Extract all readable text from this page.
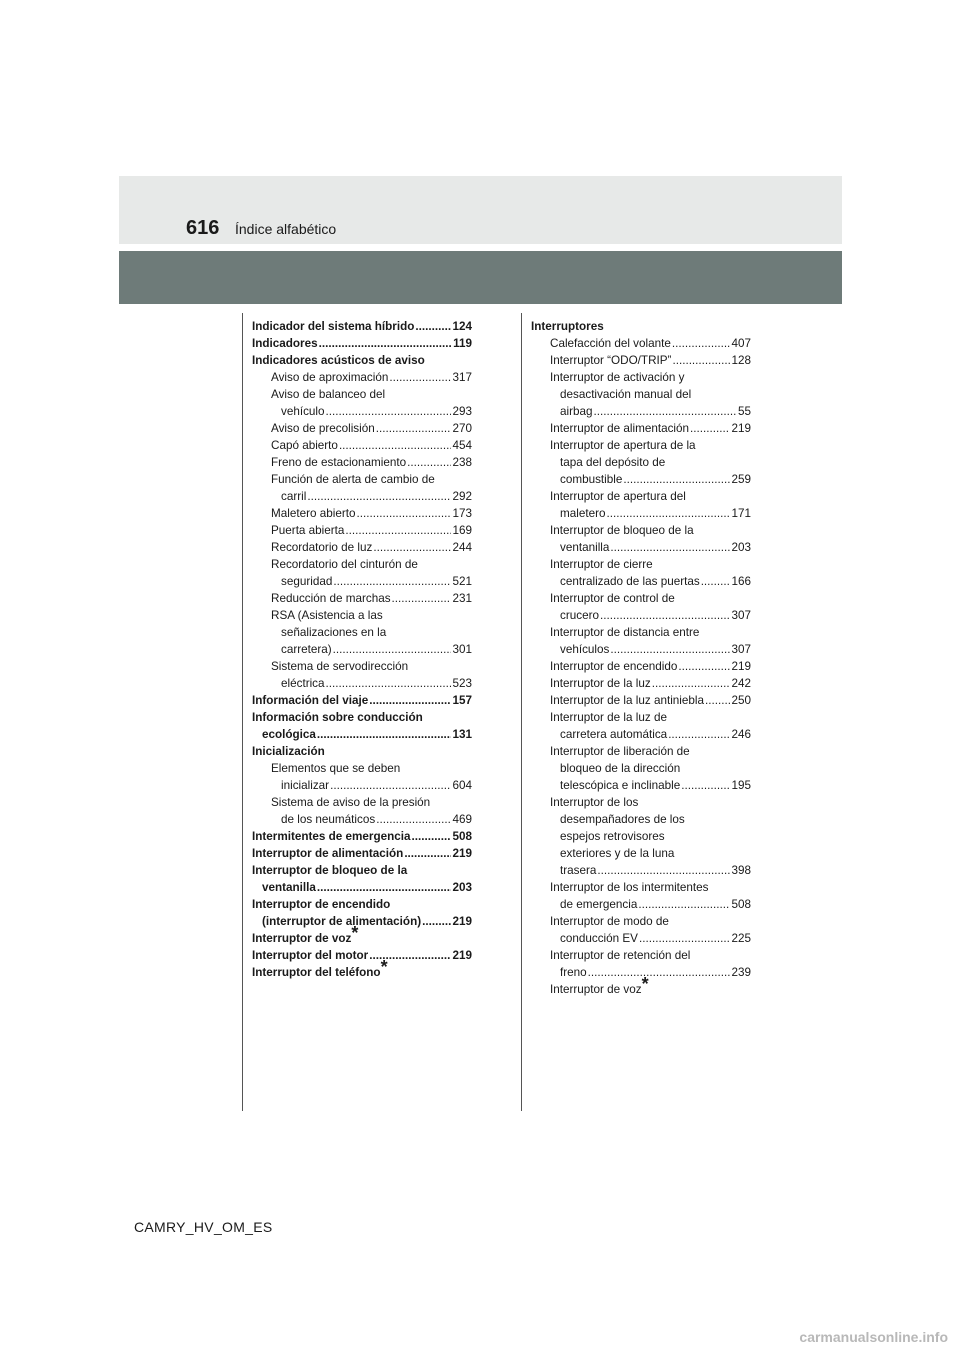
616 Índice alfabético
Indicador del sistema híbrido .....	124
Indicadores .....	119
Indicadores acústicos de aviso
Aviso de aproximación .....	317
Aviso de balanceo del
vehículo .....	293
Aviso de precolisión .....	270
Capó abierto .....	454
Freno de estacionamiento .....	238
Función de alerta de cambio de
carril .....	292
Maletero abierto .....	173
Puerta abierta .....	169
Recordatorio de luz .....	244
Recordatorio del cinturón de
seguridad .....	521
Reducción de marchas .....	231
RSA (Asistencia a las
señalizaciones en la
carretera) .....	301
Sistema de servodirección
eléctrica .....	523
Información del viaje .....	157
Información sobre conducción
ecológica .....	131
Inicialización
Elementos que se deben
inicializar .....	604
Sistema de aviso de la presión
de los neumáticos .....	469
Intermitentes de emergencia .....	508
Interruptor de alimentación .....	219
Interruptor de bloqueo de la
ventanilla .....	203
Interruptor de encendido
(interruptor de alimentación) .....	219
Interruptor de voz*
Interruptor del motor .....	219
Interruptor del teléfono*
Interruptores
Calefacción del volante .....	407
Interruptor “ODO/TRIP” .....	128
Interruptor de activación y
desactivación manual del
airbag .....	55
Interruptor de alimentación .....	219
Interruptor de apertura de la
tapa del depósito de
combustible .....	259
Interruptor de apertura del
maletero .....	171
Interruptor de bloqueo de la
ventanilla .....	203
Interruptor de cierre
centralizado de las puertas .....	166
Interruptor de control de
crucero .....	307
Interruptor de distancia entre
vehículos .....	307
Interruptor de encendido .....	219
Interruptor de la luz .....	242
Interruptor de la luz antiniebla ..... 250
Interruptor de la luz de
carretera automática .....	246
Interruptor de liberación de
bloqueo de la dirección
telescópica e inclinable .....	195
Interruptor de los
desempañadores de los
espejos retrovisores
exteriores y de la luna
trasera .....	398
Interruptor de los intermitentes
de emergencia .....	508
Interruptor de modo de
conducción EV .....	225
Interruptor de retención del
freno .....	239
Interruptor de voz*
CAMRY_HV_OM_ES
carmanualsonline.info
